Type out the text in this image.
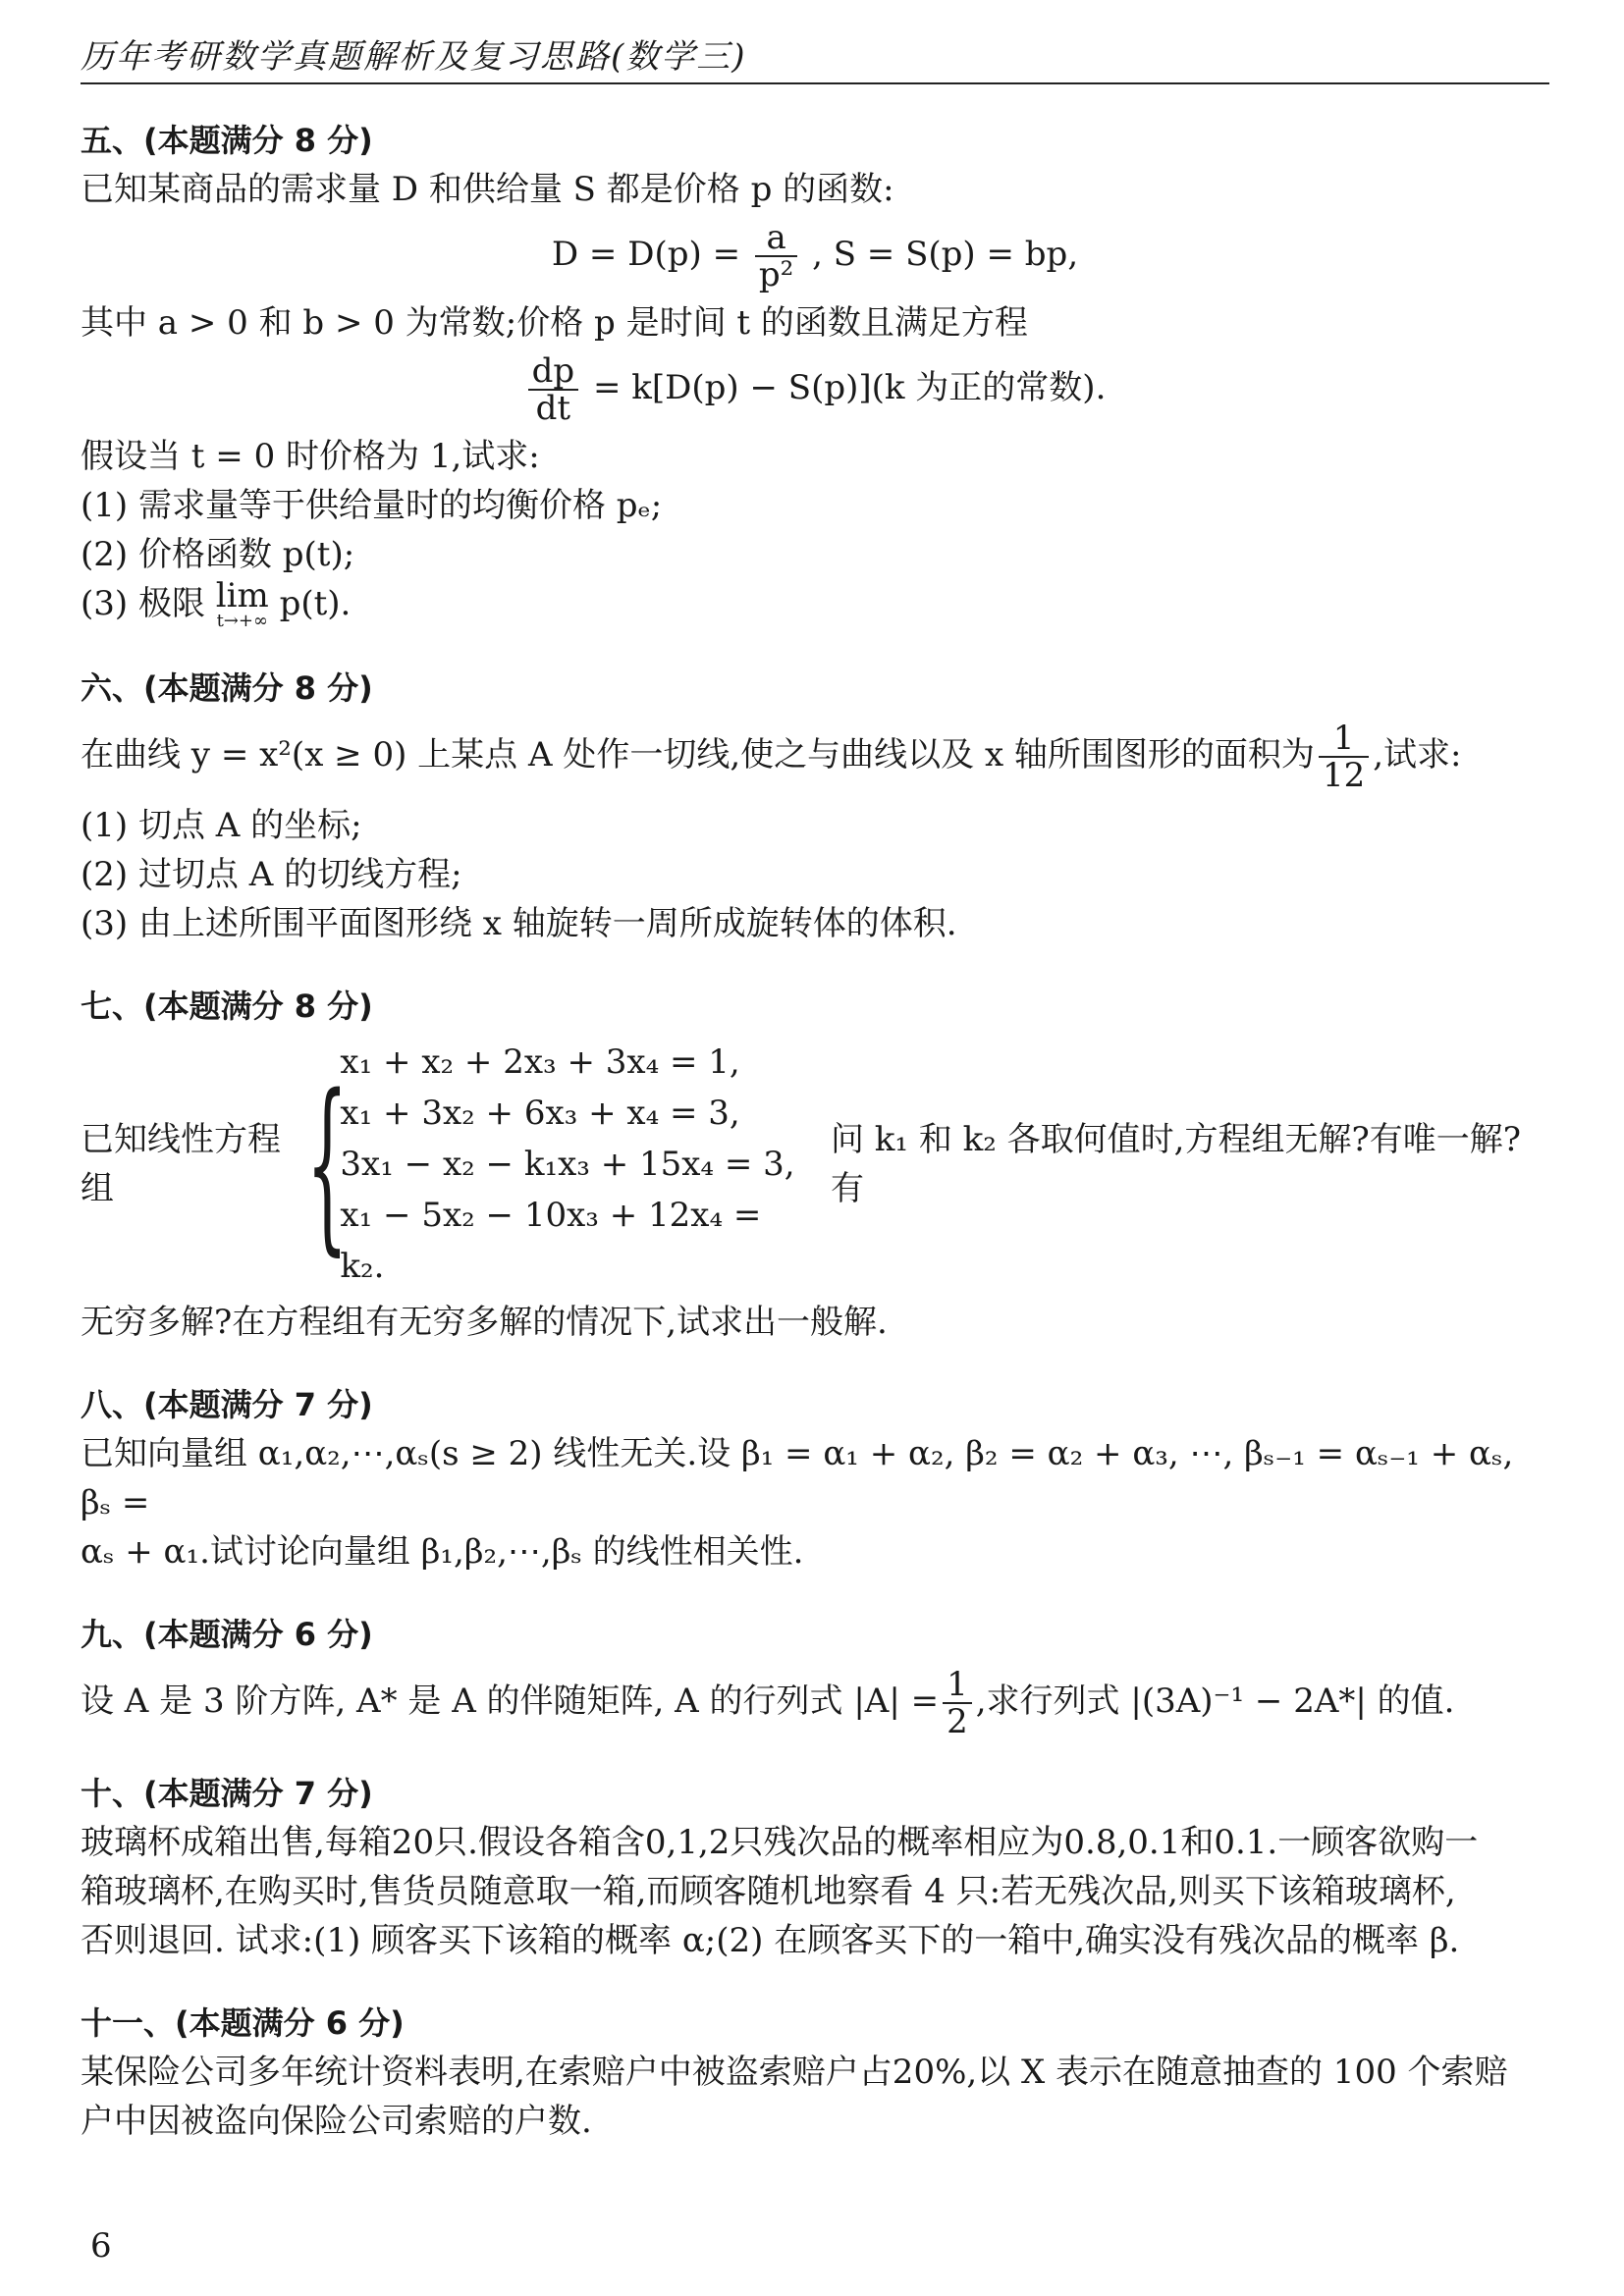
历年考研数学真题解析及复习思路(数学三)

五、(本题满分 8 分)

已知某商品的需求量 D 和供给量 S 都是价格 p 的函数:

$D = D(p) = \frac{a}{\text{p²}}$ , S = S(p) = bp,

其中 a > 0 和 b > 0 为常数;价格 p 是时间 t 的函数且满足方程

$\frac{dp}{dt} = k[D(p) - S(p)](k$ 为正的常数).

假设当 t = 0 时价格为 1,试求:

(1) 需求量等于供给量时的均衡价格 pₑ;

(2) 价格函数 p(t);

(3) 极限 lim
t→+∞ p(t).

六、(本题满分 8 分)

在曲线 y = x²(x ≥ 0) 上某点 A 处作一切线,使之与曲线以及 x 轴所围图形的面积为 $\frac{1}{12}$ ,试求:

(1) 切点 A 的坐标;

(2) 过切点 A 的切线方程;

(3) 由上述所围平面图形绕 x 轴旋转一周所成旋转体的体积.

七、(本题满分 8 分)

已知线性方程组	{
x₁ + x₂ + 2x₃ + 3x₄ = 1,
x₁ + 3x₂ + 6x₃ + x₄ = 3,
3x₁ − x₂ − k₁x₃ + 15x₄ = 3,
x₁ − 5x₂ − 10x₃ + 12x₄ = k₂.
问 k₁ 和 k₂ 各取何值时,方程组无解?有唯一解?有

无穷多解?在方程组有无穷多解的情况下,试求出一般解.

八、(本题满分 7 分)

已知向量组 α₁,α₂,⋯,αₛ(s ≥ 2) 线性无关.设 β₁ = α₁ + α₂, β₂ = α₂ + α₃, ⋯, βₛ₋₁ = αₛ₋₁ + αₛ, βₛ =

αₛ + α₁.试讨论向量组 β₁,β₂,⋯,βₛ 的线性相关性.

九、(本题满分 6 分)

设 A 是 3 阶方阵, A* 是 A 的伴随矩阵, A 的行列式 $|A| = \frac{1}{2}$ ,求行列式 |(3A)⁻¹ − 2A*| 的值.

十、(本题满分 7 分)

玻璃杯成箱出售,每箱20只.假设各箱含0,1,2只残次品的概率相应为0.8,0.1和0.1.一顾客欲购一

箱玻璃杯,在购买时,售货员随意取一箱,而顾客随机地察看 4 只:若无残次品,则买下该箱玻璃杯,

否则退回. 试求:(1) 顾客买下该箱的概率 α;(2) 在顾客买下的一箱中,确实没有残次品的概率 β.

十一、(本题满分 6 分)

某保险公司多年统计资料表明,在索赔户中被盗索赔户占20%,以 X 表示在随意抽查的 100 个索赔

户中因被盗向保险公司索赔的户数.

6
